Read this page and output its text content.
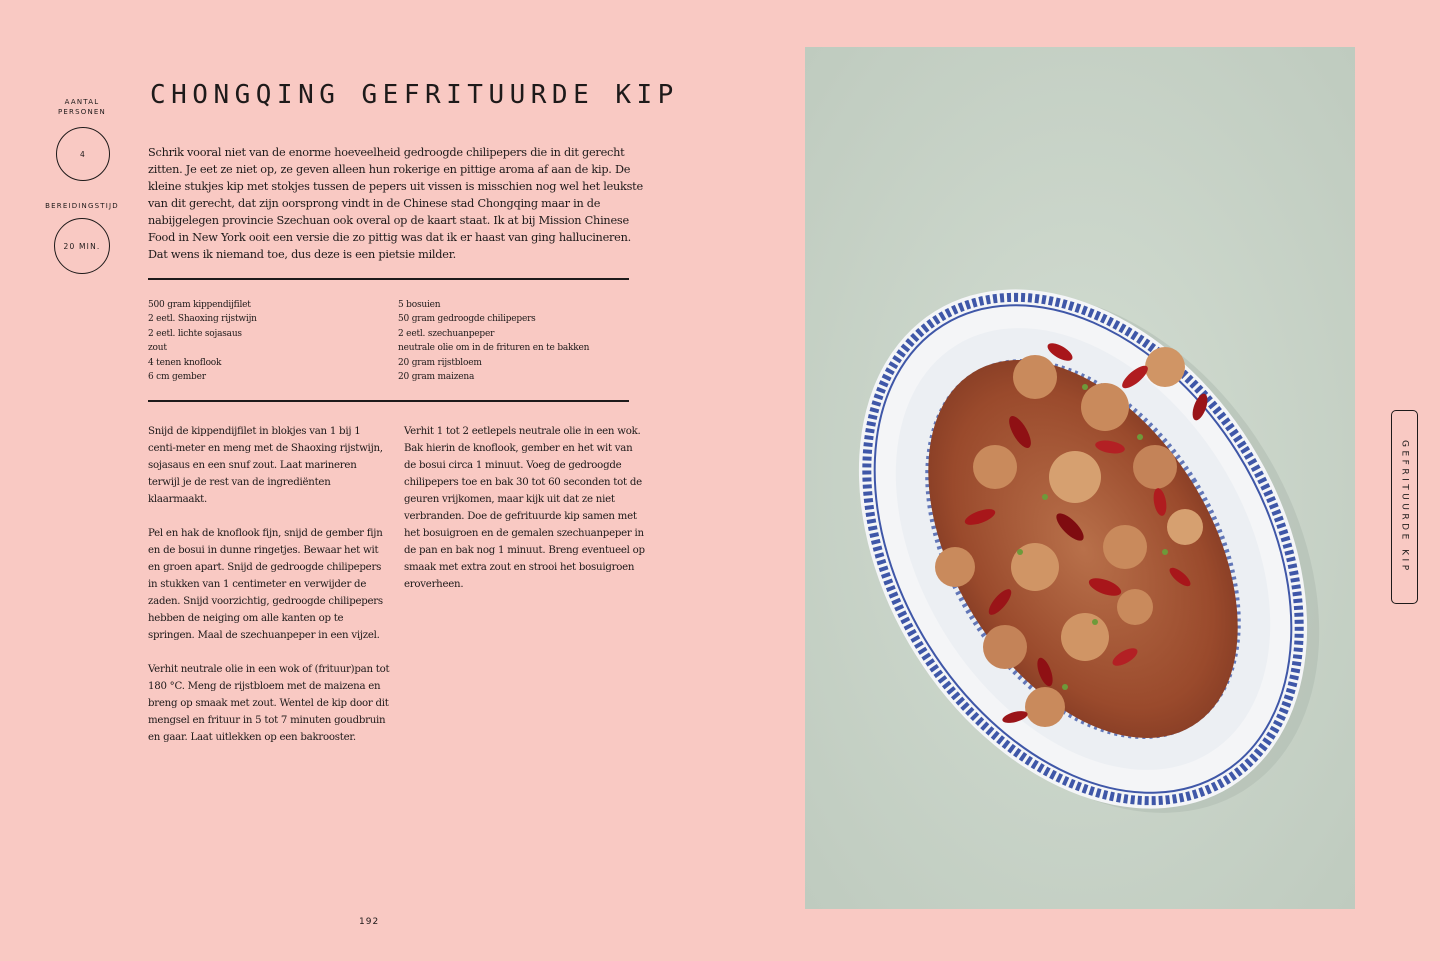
AANTAL
PERSONEN
4
BEREIDINGSTIJD
20 MIN.
CHONGQING GEFRITUURDE KIP

Schrik vooral niet van de enorme hoeveelheid gedroogde chilipepers die in dit gerecht zitten. Je eet ze niet op, ze geven alleen hun rokerige en pittige aroma af aan de kip. De kleine stukjes kip met stokjes tussen de pepers uit vissen is misschien nog wel het leukste van dit gerecht, dat zijn oorsprong vindt in de Chinese stad Chongqing maar in de nabijgelegen provincie Szechuan ook overal op de kaart staat. Ik at bij Mission Chinese Food in New York ooit een versie die zo pittig was dat ik er haast van ging hallucineren. Dat wens ik niemand toe, dus deze is een pietsie milder.

500 gram kippendijfilet
2 eetl. Shaoxing rijstwijn
2 eetl. lichte sojasaus
zout
4 tenen knoflook
6 cm gember
5 bosuien
50 gram gedroogde chilipepers
2 eetl. szechuanpeper
neutrale olie om in de frituren en te bakken
20 gram rijstbloem
20 gram maizena

Snijd de kippendijfilet in blokjes van 1 bij 1 centi-meter en meng met de Shaoxing rijstwijn, sojasaus en een snuf zout. Laat marineren terwijl je de rest van de ingrediënten klaarmaakt.

Pel en hak de knoflook fijn, snijd de gember fijn en de bosui in dunne ringetjes. Bewaar het wit en groen apart. Snijd de gedroogde chilipepers in stukken van 1 centimeter en verwijder de zaden. Snijd voorzichtig, gedroogde chilipepers hebben de neiging om alle kanten op te springen. Maal de szechuanpeper in een vijzel.

Verhit neutrale olie in een wok of (frituur)pan tot 180 °C. Meng de rijstbloem met de maizena en breng op smaak met zout. Wentel de kip door dit mengsel en frituur in 5 tot 7 minuten goudbruin en gaar. Laat uitlekken op een bakrooster.

Verhit 1 tot 2 eetlepels neutrale olie in een wok. Bak hierin de knoflook, gember en het wit van de bosui circa 1 minuut. Voeg de gedroogde chilipepers toe en bak 30 tot 60 seconden tot de geuren vrijkomen, maar kijk uit dat ze niet verbranden. Doe de gefrituurde kip samen met het bosuigroen en de gemalen szechuanpeper in de pan en bak nog 1 minuut. Breng eventueel op smaak met extra zout en strooi het bosuigroen eroverheen.

192
GEFRITUURDE KIP
